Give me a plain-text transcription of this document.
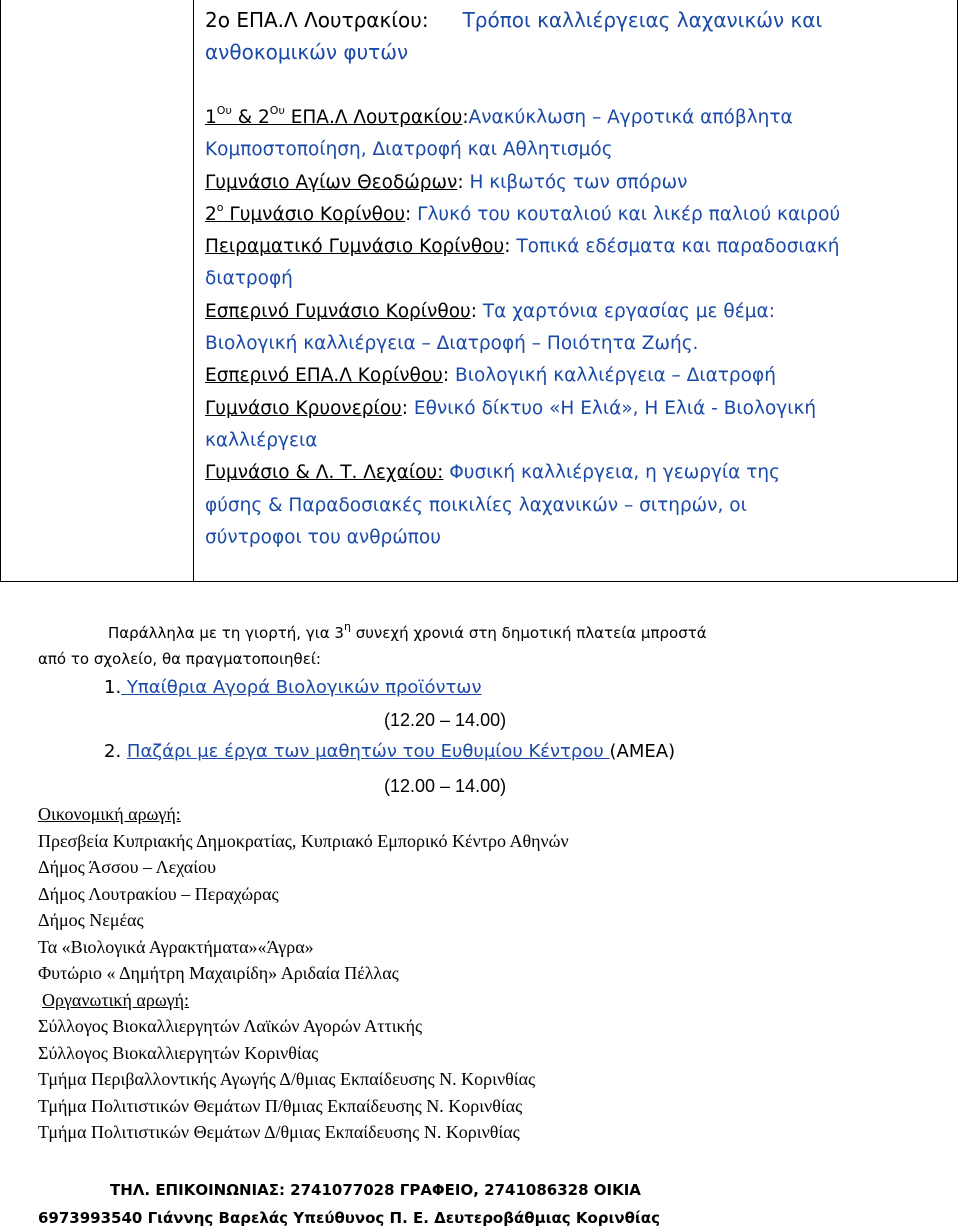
2ο ΕΠΑ.Λ Λουτρακίου: Τρόποι καλλιέργειας λαχανικών και
ανθοκομικών φυτών

$1^{O\upsilon}$ & $2^{O\upsilon}$ ΕΠΑ.Λ Λουτρακίου:Ανακύκλωση – Αγροτικά απόβλητα

Κομποστοποίηση, Διατροφή και Αθλητισμός

Γυμνάσιο Αγίων Θεοδώρων: Η κιβωτός των σπόρων

$2^o$ Γυμνάσιο Κορίνθου: Γλυκό του κουταλιού και λικέρ παλιού καιρού

Πειραματικό Γυμνάσιο Κορίνθου: Τοπικά εδέσματα και παραδοσιακή

διατροφή

Εσπερινό Γυμνάσιο Κορίνθου: Τα χαρτόνια εργασίας με θέμα:

Βιολογική καλλιέργεια – Διατροφή – Ποιότητα Ζωής.

Εσπερινό ΕΠΑ.Λ Κορίνθου: Βιολογική καλλιέργεια – Διατροφή

Γυμνάσιο Κρυονερίου: Εθνικό δίκτυο «Η Ελιά», Η Ελιά - Βιολογική

καλλιέργεια

Γυμνάσιο & Λ. Τ. Λεχαίου: Φυσική καλλιέργεια, η γεωργία της

φύσης & Παραδοσιακές ποικιλίες λαχανικών – σιτηρών, οι

σύντροφοι του ανθρώπου

Παράλληλα με τη γιορτή, για $3^\eta$ συνεχή χρονιά στη δημοτική πλατεία μπροστά

από το σχολείο, θα πραγματοποιηθεί:

1. Υπαίθρια Αγορά Βιολογικών προϊόντων
(12.20 – 14.00)
2. Παζάρι με έργα των μαθητών του Ευθυμίου Κέντρου (ΑΜΕΑ)
(12.00 – 14.00)

Οικονομική αρωγή:

Πρεσβεία Κυπριακής Δημοκρατίας, Κυπριακό Εμπορικό Κέντρο Αθηνών

Δήμος Άσσου – Λεχαίου

Δήμος Λουτρακίου – Περαχώρας

Δήμος Νεμέας

Τα «Βιολογικά Αγρακτήματα»«Άγρα»

Φυτώριο « Δημήτρη Μαχαιρίδη» Αριδαία Πέλλας

Οργανωτική αρωγή:

Σύλλογος Βιοκαλλιεργητών Λαϊκών Αγορών Αττικής

Σύλλογος Βιοκαλλιεργητών Κορινθίας

Τμήμα Περιβαλλοντικής Αγωγής Δ/θμιας Εκπαίδευσης Ν. Κορινθίας

Τμήμα Πολιτιστικών Θεμάτων Π/θμιας Εκπαίδευσης Ν. Κορινθίας

Τμήμα Πολιτιστικών Θεμάτων Δ/θμιας Εκπαίδευσης Ν. Κορινθίας

ΤΗΛ. ΕΠΙΚΟΙΝΩΝΙΑΣ: 2741077028 ΓΡΑΦΕΙΟ, 2741086328 ΟΙΚΙΑ

6973993540 Γιάννης Βαρελάς Υπεύθυνος Π. Ε. Δευτεροβάθμιας Κορινθίας
